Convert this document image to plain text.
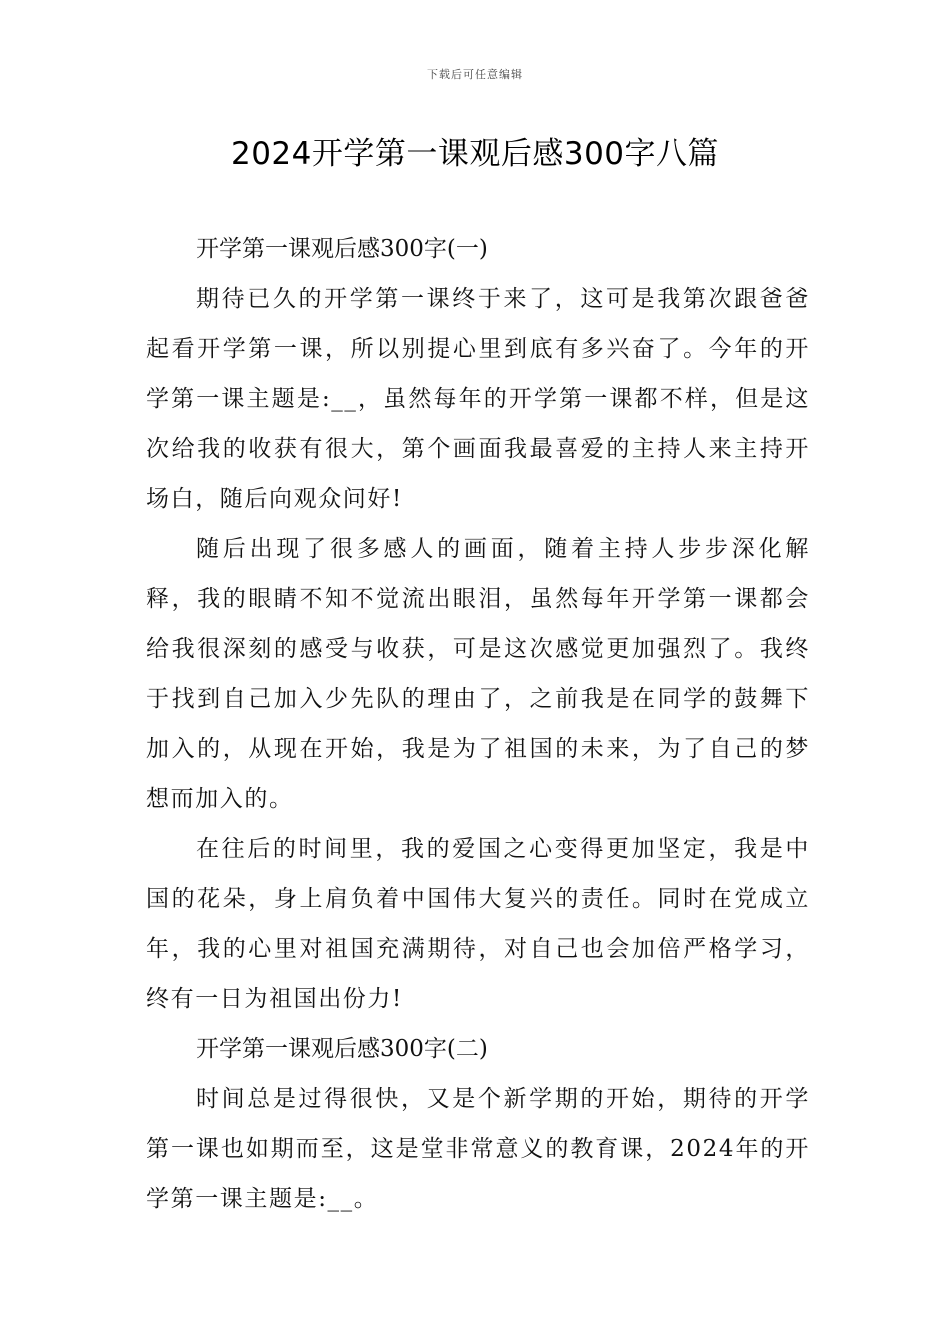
下载后可任意编辑
2024开学第一课观后感300字八篇

开学第一课观后感300字(一)

期待已久的开学第一课终于来了，这可是我第次跟爸爸起看开学第一课，所以别提心里到底有多兴奋了。今年的开学第一课主题是:__，虽然每年的开学第一课都不样，但是这次给我的收获有很大，第个画面我最喜爱的主持人来主持开场白，随后向观众问好!

随后出现了很多感人的画面，随着主持人步步深化解释，我的眼睛不知不觉流出眼泪，虽然每年开学第一课都会给我很深刻的感受与收获，可是这次感觉更加强烈了。我终于找到自己加入少先队的理由了，之前我是在同学的鼓舞下加入的，从现在开始，我是为了祖国的未来，为了自己的梦想而加入的。

在往后的时间里，我的爱国之心变得更加坚定，我是中国的花朵，身上肩负着中国伟大复兴的责任。同时在党成立年，我的心里对祖国充满期待，对自己也会加倍严格学习，终有一日为祖国出份力!

开学第一课观后感300字(二)

时间总是过得很快，又是个新学期的开始，期待的开学第一课也如期而至，这是堂非常意义的教育课，2024年的开学第一课主题是:__。
